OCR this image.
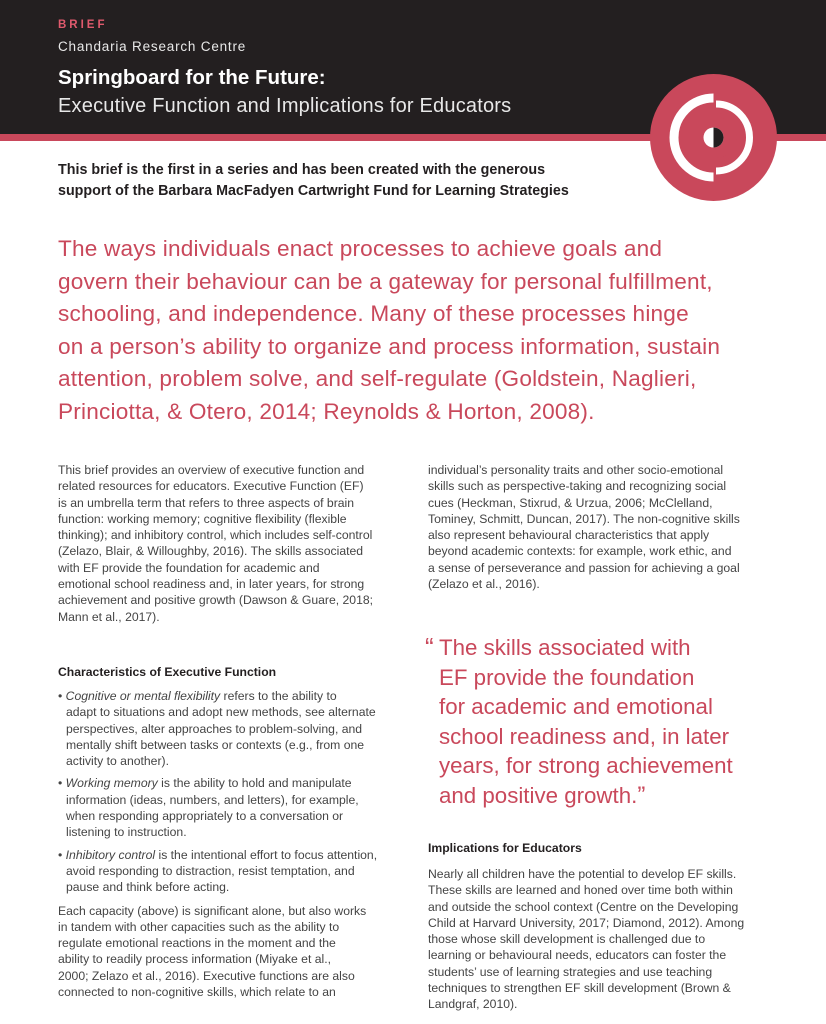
BRIEF
Chandaria Research Centre
Springboard for the Future:
Executive Function and Implications for Educators
This brief is the first in a series and has been created with the generous
support of the Barbara MacFadyen Cartwright Fund for Learning Strategies
The ways individuals enact processes to achieve goals and
govern their behaviour can be a gateway for personal fulfillment,
schooling, and independence. Many of these processes hinge
on a person’s ability to organize and process information, sustain
attention, problem solve, and self-regulate (Goldstein, Naglieri,
Princiotta, & Otero, 2014; Reynolds & Horton, 2008).
This brief provides an overview of executive function and
related resources for educators. Executive Function (EF)
is an umbrella term that refers to three aspects of brain
function: working memory; cognitive flexibility (flexible
thinking); and inhibitory control, which includes self-control
(Zelazo, Blair, & Willoughby, 2016). The skills associated
with EF provide the foundation for academic and
emotional school readiness and, in later years, for strong
achievement and positive growth (Dawson & Guare, 2018;
Mann et al., 2017).
Characteristics of Executive Function
• Cognitive or mental flexibility refers to the ability to
adapt to situations and adopt new methods, see alternate
perspectives, alter approaches to problem-solving, and
mentally shift between tasks or contexts (e.g., from one
activity to another).
• Working memory is the ability to hold and manipulate
information (ideas, numbers, and letters), for example,
when responding appropriately to a conversation or
listening to instruction.
• Inhibitory control is the intentional effort to focus attention,
avoid responding to distraction, resist temptation, and
pause and think before acting.
Each capacity (above) is significant alone, but also works
in tandem with other capacities such as the ability to
regulate emotional reactions in the moment and the
ability to readily process information (Miyake et al.,
2000; Zelazo et al., 2016). Executive functions are also
connected to non-cognitive skills, which relate to an
individual’s personality traits and other socio-emotional
skills such as perspective-taking and recognizing social
cues (Heckman, Stixrud, & Urzua, 2006; McClelland,
Tominey, Schmitt, Duncan, 2017). The non-cognitive skills
also represent behavioural characteristics that apply
beyond academic contexts: for example, work ethic, and
a sense of perseverance and passion for achieving a goal
(Zelazo et al., 2016).
“ The skills associated with
EF provide the foundation
for academic and emotional
school readiness and, in later
years, for strong achievement
and positive growth.”
Implications for Educators
Nearly all children have the potential to develop EF skills.
These skills are learned and honed over time both within
and outside the school context (Centre on the Developing
Child at Harvard University, 2017; Diamond, 2012). Among
those whose skill development is challenged due to
learning or behavioural needs, educators can foster the
students’ use of learning strategies and use teaching
techniques to strengthen EF skill development (Brown &
Landgraf, 2010).
